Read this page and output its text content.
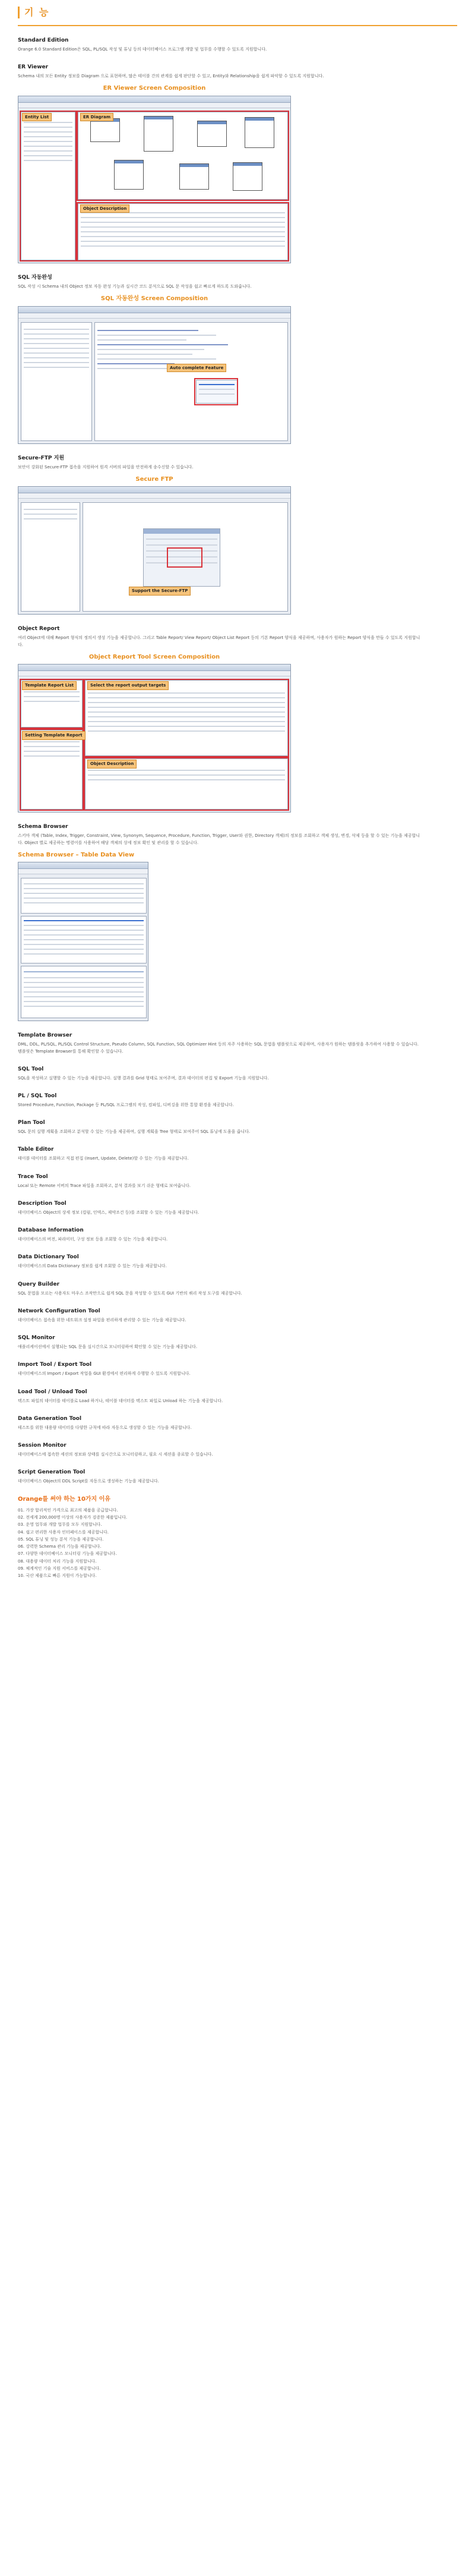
기 능
Standard Edition

Orange 6.0 Standard Edition은 SQL, PL/SQL 작성 및 튜닝 등의 데이터베이스 프로그램 개발 및 업무를 수행할 수 있도록 지원합니다.

ER Viewer

Schema 내의 모든 Entity 정보를 Diagram 으로 표현하며, 많은 테이블 간의 관계를 쉽게 판단할 수 있고, Entity와 Relationship을 쉽게 파악할 수 있도록 지원합니다.

ER Viewer Screen Composition
Entity List	ER Diagram
Object Description
SQL 자동완성

SQL 작성 시 Schema 내의 Object 정보 자동 완성 기능과 실시간 코드 분석으로 SQL 문 작성을 쉽고 빠르게 하도록 도와줍니다.

SQL 자동완성 Screen Composition
Auto complete Feature
Secure-FTP 지원

보안이 강화된 Secure-FTP 접속을 지원하여 원격 서버의 파일을 안전하게 송수신할 수 있습니다.

Secure FTP
Support the Secure-FTP
Object Report

여러 Object에 대해 Report 형식의 정의서 생성 기능을 제공합니다. 그리고 Table Report/ View Report/ Object List Report 등의 기본 Report 양식을 제공하며, 사용자가 원하는 Report 양식을 만들 수 있도록 지원합니다.

Object Report Tool Screen Composition
Template Report List	Select the report output targets
Setting Template Report
Object Description
Schema Browser

스키마 객체 (Table, Index, Trigger, Constraint, View, Synonym, Sequence, Procedure, Function, Trigger, User와 권한, Directory 객체)의 정보를 조회하고 객체 생성, 변경, 삭제 등을 할 수 있는 기능을 제공합니다. Object 별로 제공하는 명령어를 사용하여 해당 객체의 상세 정보 확인 및 관리를 할 수 있습니다.

Schema Browser – Table Data View
Template Browser

DML, DDL, PL/SQL, PL/SQL Control Structure, Pseudo Column, SQL Function, SQL Optimizer Hint 등의 자주 사용하는 SQL 문법을 템플릿으로 제공하며, 사용자가 원하는 템플릿을 추가하여 사용할 수 있습니다. 템플릿은 Template Browser를 통해 확인할 수 있습니다.

SQL Tool

SQL을 작성하고 실행할 수 있는 기능을 제공합니다. 실행 결과를 Grid 형태로 보여주며, 결과 데이터의 편집 및 Export 기능을 지원합니다.

PL / SQL Tool

Stored Procedure, Function, Package 등 PL/SQL 프로그램의 작성, 컴파일, 디버깅을 위한 통합 환경을 제공합니다.

Plan Tool

SQL 문의 실행 계획을 조회하고 분석할 수 있는 기능을 제공하며, 실행 계획을 Tree 형태로 보여주어 SQL 튜닝에 도움을 줍니다.

Table Editor

테이블 데이터를 조회하고 직접 편집 (Insert, Update, Delete)할 수 있는 기능을 제공합니다.

Trace Tool

Local 또는 Remote 서버의 Trace 파일을 조회하고, 분석 결과를 보기 쉬운 형태로 보여줍니다.

Description Tool

데이터베이스 Object의 상세 정보 (컬럼, 인덱스, 제약조건 등)를 조회할 수 있는 기능을 제공합니다.

Database Information

데이터베이스의 버전, 파라미터, 구성 정보 등을 조회할 수 있는 기능을 제공합니다.

Data Dictionary Tool

데이터베이스의 Data Dictionary 정보를 쉽게 조회할 수 있는 기능을 제공합니다.

Query Builder

SQL 문법을 모르는 사용자도 마우스 조작만으로 쉽게 SQL 문을 작성할 수 있도록 GUI 기반의 쿼리 작성 도구를 제공합니다.

Network Configuration Tool

데이터베이스 접속을 위한 네트워크 설정 파일을 편리하게 관리할 수 있는 기능을 제공합니다.

SQL Monitor

애플리케이션에서 실행되는 SQL 문을 실시간으로 모니터링하여 확인할 수 있는 기능을 제공합니다.

Import Tool / Export Tool

데이터베이스의 Import / Export 작업을 GUI 환경에서 편리하게 수행할 수 있도록 지원합니다.

Load Tool / Unload Tool

텍스트 파일의 데이터를 테이블로 Load 하거나, 테이블 데이터를 텍스트 파일로 Unload 하는 기능을 제공합니다.

Data Generation Tool

테스트를 위한 대용량 데이터를 다양한 규칙에 따라 자동으로 생성할 수 있는 기능을 제공합니다.

Session Monitor

데이터베이스에 접속한 세션의 정보와 상태를 실시간으로 모니터링하고, 필요 시 세션을 종료할 수 있습니다.

Script Generation Tool

데이터베이스 Object의 DDL Script를 자동으로 생성하는 기능을 제공합니다.

Orange를 써야 하는 10가지 이유
01. 가장 합리적인 가격으로 최고의 제품을 공급합니다.
02. 전세계 200,000명 이상의 사용자가 검증한 제품입니다.
03. 운영 업무와 개발 업무를 모두 지원합니다.
04. 쉽고 편리한 사용자 인터페이스를 제공합니다.
05. SQL 튜닝 및 성능 분석 기능을 제공합니다.
06. 강력한 Schema 관리 기능을 제공합니다.
07. 다양한 데이터베이스 모니터링 기능을 제공합니다.
08. 대용량 데이터 처리 기능을 지원합니다.
09. 체계적인 기술 지원 서비스를 제공합니다.
10. 국산 제품으로 빠른 지원이 가능합니다.
